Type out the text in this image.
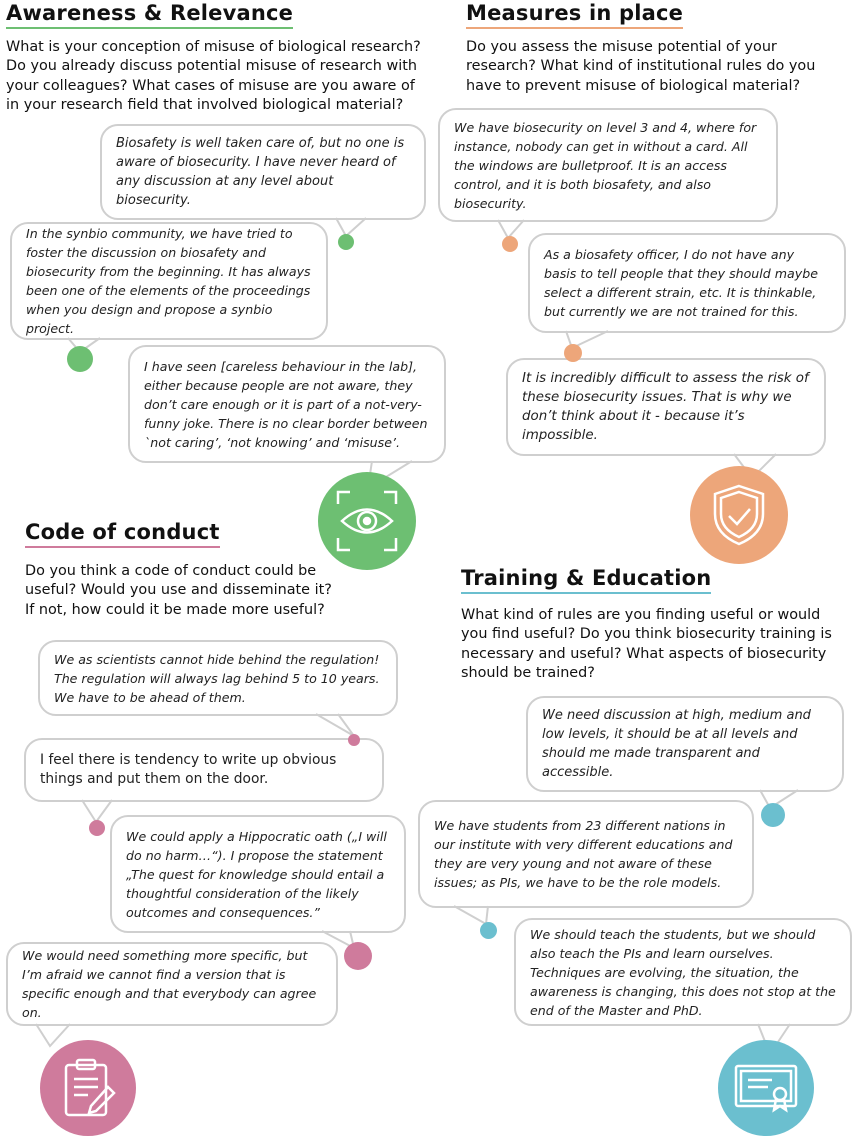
Awareness & Relevance
What is your conception of misuse of biological research? Do you already discuss potential misuse of research with your colleagues? What cases of misuse are you aware of in your research field that involved biological material?
Biosafety is well taken care of, but no one is aware of biosecurity. I have never heard of any discussion at any level about biosecurity.
In the synbio community, we have tried to foster the discussion on biosafety and biosecurity from the beginning. It has always been one of the elements of the proceedings when you design and propose a synbio project.
I have seen [careless behaviour in the lab], either because people are not aware, they don’t care enough or it is part of a not-very-funny joke. There is no clear border between `not caring’, ‘not knowing’ and ‘misuse’.
Measures in place
Do you assess the misuse potential of your research? What kind of institutional rules do you have to prevent misuse of biological material?
We have biosecurity on level 3 and 4, where for instance, nobody can get in without a card. All the windows are bulletproof. It is an access control, and it is both biosafety, and also biosecurity.
As a biosafety officer, I do not have any basis to tell people that they should maybe select a different strain, etc. It is thinkable, but currently we are not trained for this.
It is incredibly difficult to assess the risk of these biosecurity issues. That is why we don’t think about it - because it’s impossible.
Code of conduct
Do you think a code of conduct could be useful? Would you use and disseminate it? If not, how could it be made more useful?
We as scientists cannot hide behind the regulation! The regulation will always lag behind 5 to 10 years. We have to be ahead of them.
I feel there is tendency to write up obvious things and put them on the door.
We could apply a Hippocratic oath („I will do no harm…“). I propose the statement „The quest for knowledge should entail a thoughtful consideration of the likely outcomes and consequences.”
We would need something more specific, but I’m afraid we cannot find a version that is specific enough and that everybody can agree on.
Training & Education
What kind of rules are you finding useful or would you find useful? Do you think biosecurity training is necessary and useful? What aspects of biosecurity should be trained?
We need discussion at high, medium and low levels, it should be at all levels and should me made transparent and accessible.
We have students from 23 different nations in our institute with very different educations and they are very young and not aware of these issues; as PIs, we have to be the role models.
We should teach the students, but we should also teach the PIs and learn ourselves. Techniques are evolving, the situation, the awareness is changing, this does not stop at the end of the Master and PhD.
